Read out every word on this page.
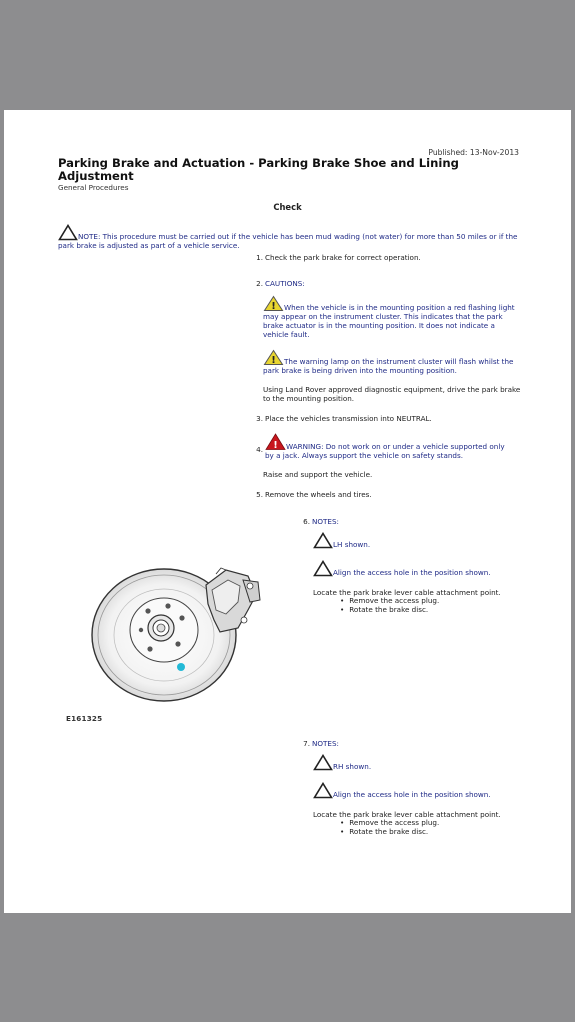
Published: 13-Nov-2013
Parking Brake and Actuation - Parking Brake Shoe and Lining Adjustment
General Procedures
Check
NOTE: This procedure must be carried out if the vehicle has been mud wading (not water) for more than 50 miles or if the park brake is adjusted as part of a vehicle service.
1. Check the park brake for correct operation.
2. CAUTIONS:
! When the vehicle is in the mounting position a red flashing light may appear on the instrument cluster. This indicates that the park brake actuator is in the mounting position. It does not indicate a vehicle fault.
! The warning lamp on the instrument cluster will flash whilst the park brake is being driven into the mounting position.
Using Land Rover approved diagnostic equipment, drive the park brake to the mounting position.
3. Place the vehicles transmission into NEUTRAL.
4. ! WARNING: Do not work on or under a vehicle supported only by a jack. Always support the vehicle on safety stands.
Raise and support the vehicle.
5. Remove the wheels and tires.
6. NOTES:
LH shown.
Align the access hole in the position shown.
Locate the park brake lever cable attachment point.
• Remove the access plug.
• Rotate the brake disc.
E161325
7. NOTES:
RH shown.
Align the access hole in the position shown.
Locate the park brake lever cable attachment point.
• Remove the access plug.
• Rotate the brake disc.
